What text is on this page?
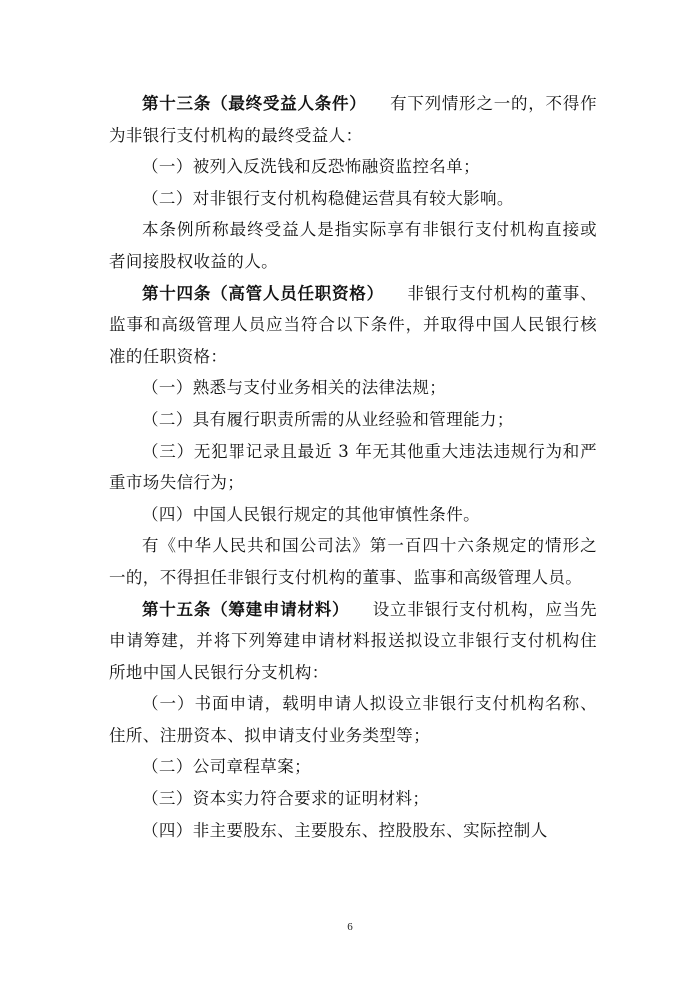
第十三条（最终受益人条件） 有下列情形之一的，不得作为非银行支付机构的最终受益人：

（一）被列入反洗钱和反恐怖融资监控名单；

（二）对非银行支付机构稳健运营具有较大影响。

本条例所称最终受益人是指实际享有非银行支付机构直接或者间接股权收益的人。

第十四条（高管人员任职资格） 非银行支付机构的董事、监事和高级管理人员应当符合以下条件，并取得中国人民银行核准的任职资格：

（一）熟悉与支付业务相关的法律法规；

（二）具有履行职责所需的从业经验和管理能力；

（三）无犯罪记录且最近 3 年无其他重大违法违规行为和严重市场失信行为；

（四）中国人民银行规定的其他审慎性条件。

有《中华人民共和国公司法》第一百四十六条规定的情形之一的，不得担任非银行支付机构的董事、监事和高级管理人员。

第十五条（筹建申请材料） 设立非银行支付机构，应当先申请筹建，并将下列筹建申请材料报送拟设立非银行支付机构住所地中国人民银行分支机构：

（一）书面申请，载明申请人拟设立非银行支付机构名称、住所、注册资本、拟申请支付业务类型等；

（二）公司章程草案；

（三）资本实力符合要求的证明材料；

（四）非主要股东、主要股东、控股股东、实际控制人

6
